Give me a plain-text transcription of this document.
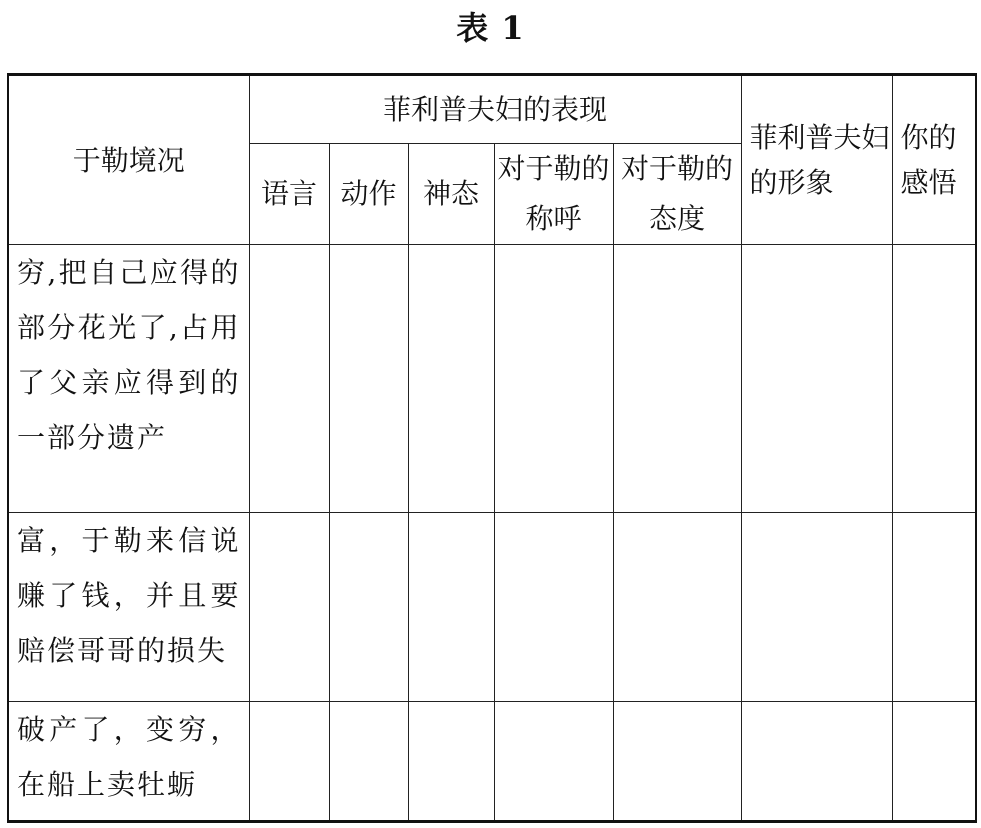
表 1
于勒境况	菲利普夫妇的表现					菲利普夫妇的形象	你的感悟
	语言	动作	神态	对于勒的称呼	对于勒的态度		
穷,把自己应得的部分花光了,占用了父亲应得到的一部分遗产							
富，于勒来信说赚了钱，并且要赔偿哥哥的损失							
破产了，变穷，在船上卖牡蛎							
